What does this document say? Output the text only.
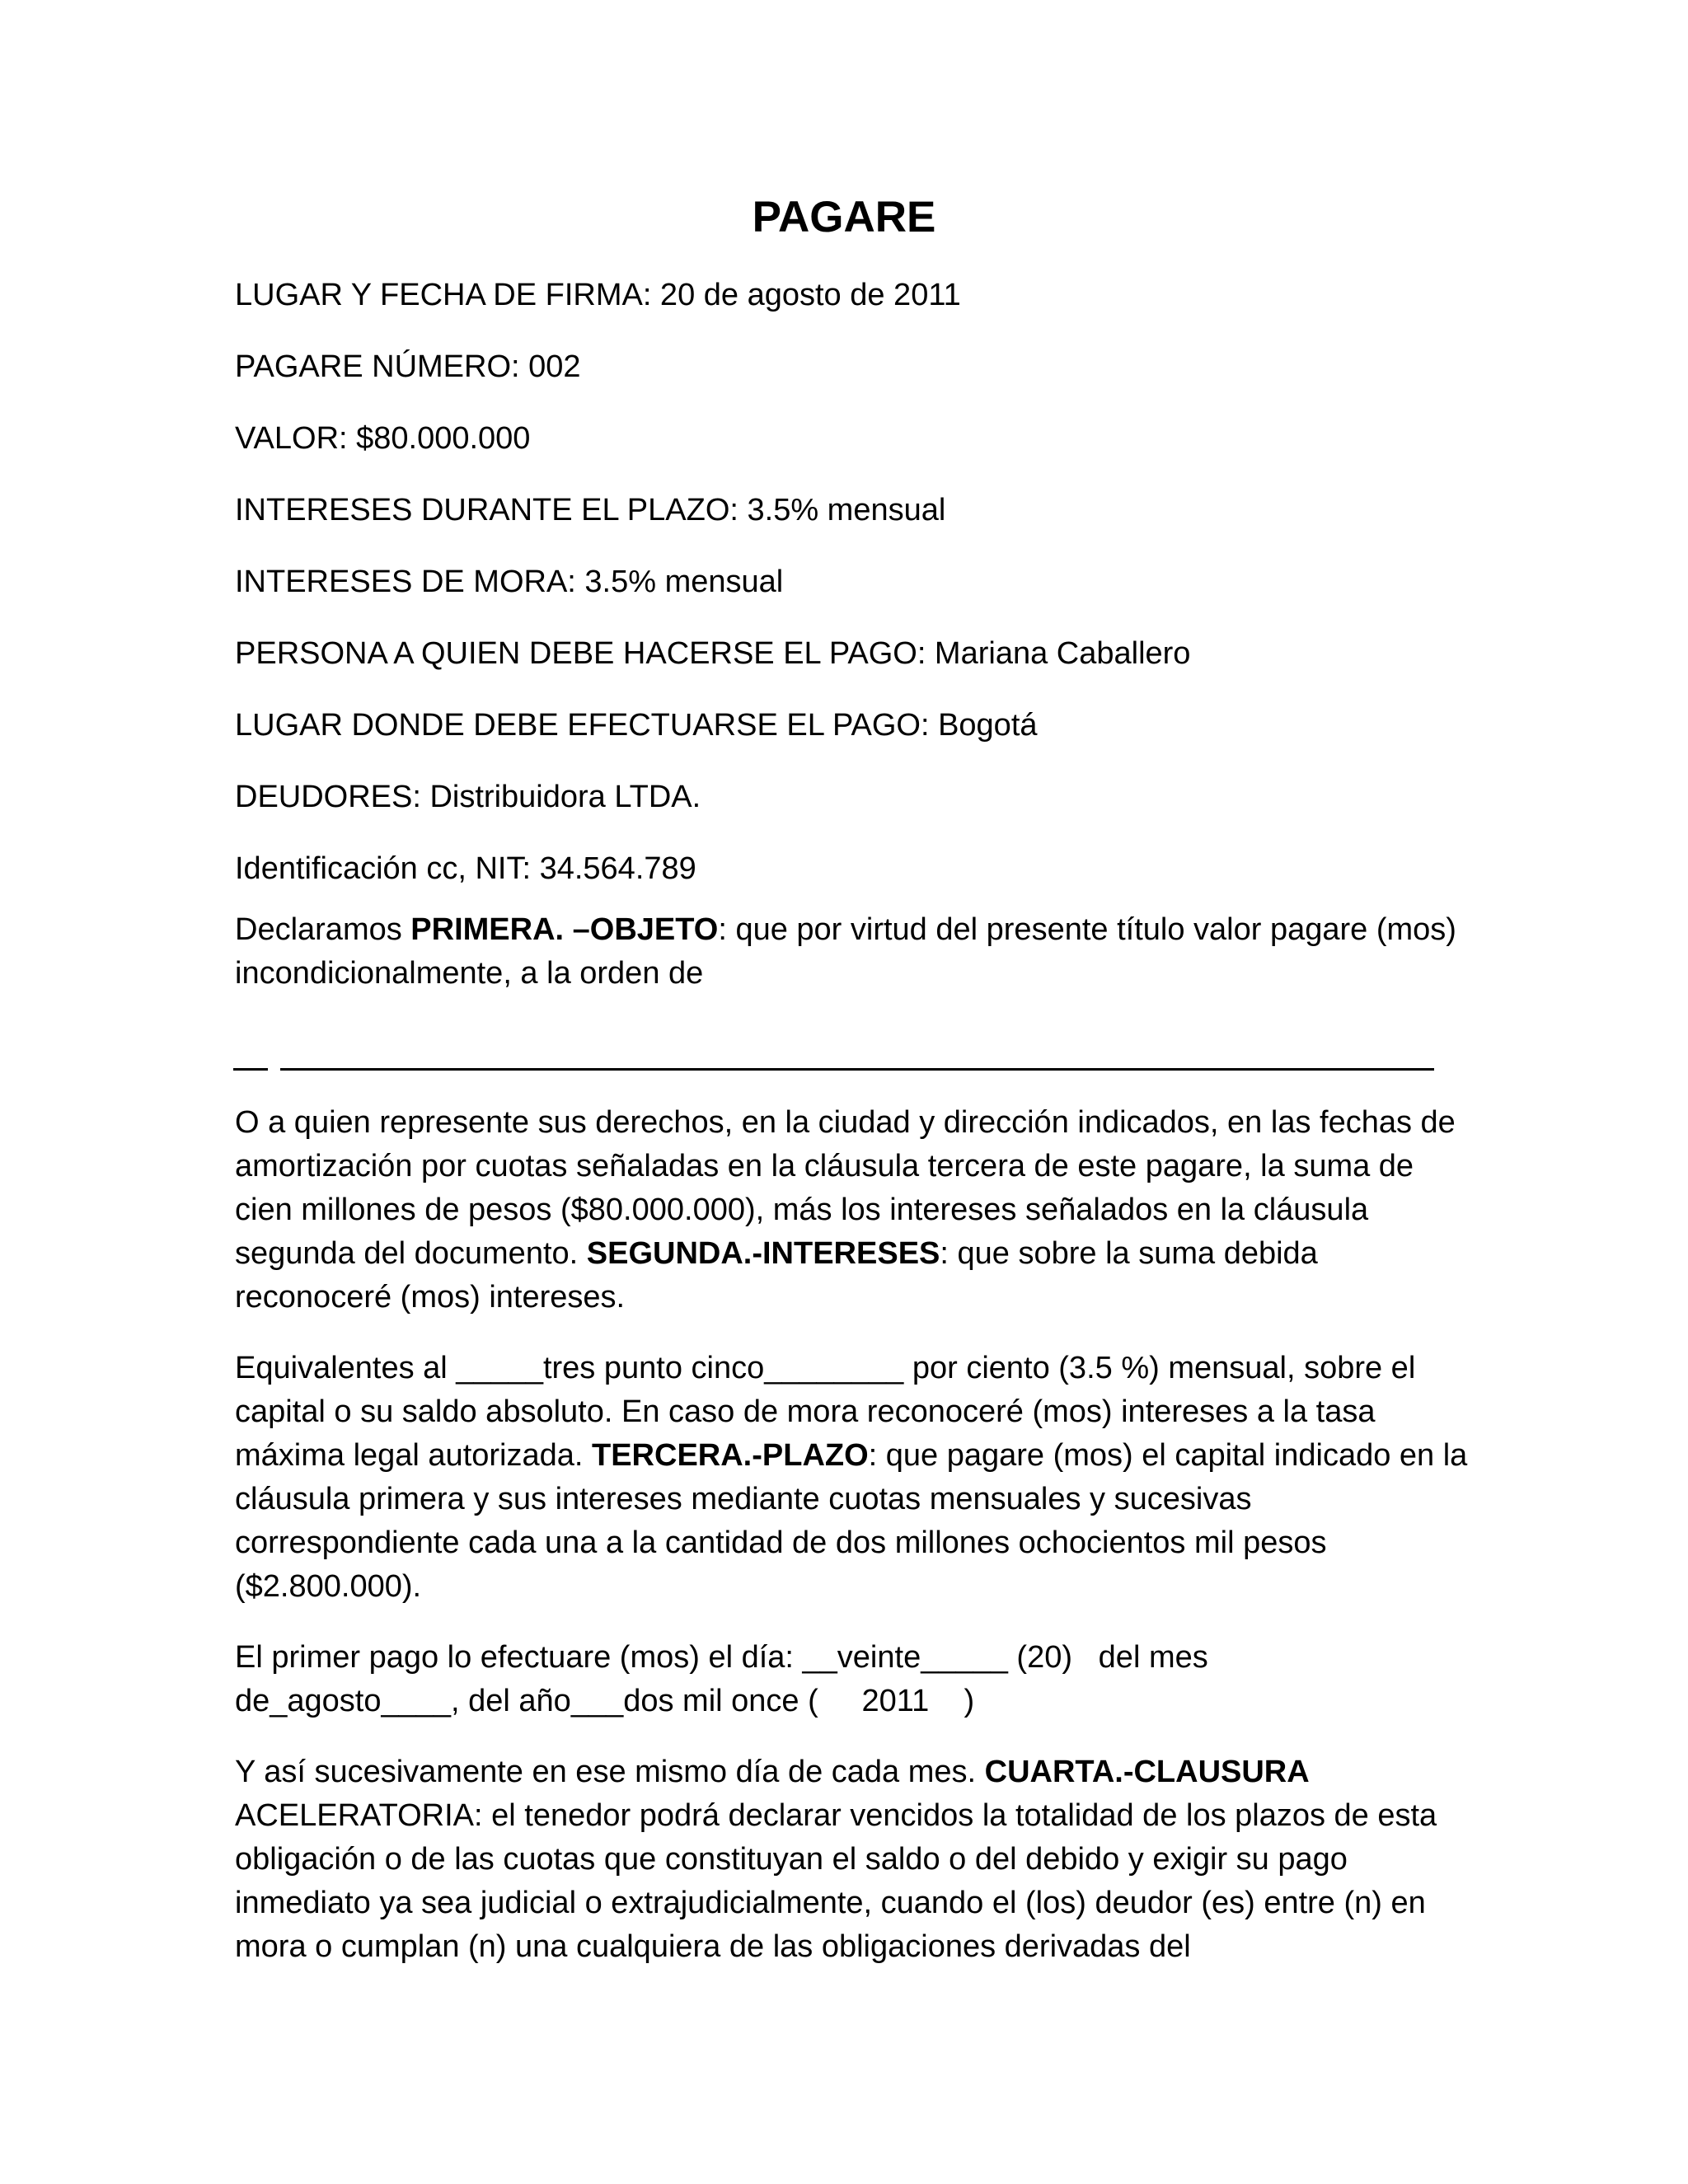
PAGARE
LUGAR Y FECHA DE FIRMA: 20 de agosto de 2011
PAGARE NÚMERO: 002
VALOR: $80.000.000
INTERESES DURANTE EL PLAZO: 3.5% mensual
INTERESES DE MORA: 3.5% mensual
PERSONA A QUIEN DEBE HACERSE EL PAGO: Mariana Caballero
LUGAR DONDE DEBE EFECTUARSE EL PAGO: Bogotá
DEUDORES: Distribuidora LTDA.
Identificación cc, NIT: 34.564.789

Declaramos PRIMERA. –OBJETO: que por virtud del presente título valor pagare (mos) incondicionalmente, a la orden de

O a quien represente sus derechos, en la ciudad y dirección indicados, en las fechas de amortización por cuotas señaladas en la cláusula tercera de este pagare, la suma de cien millones de pesos ($80.000.000), más los intereses señalados en la cláusula segunda del documento. SEGUNDA.-INTERESES: que sobre la suma debida reconoceré (mos) intereses.

Equivalentes al _____tres punto cinco________ por ciento (3.5 %) mensual, sobre el capital o su saldo absoluto. En caso de mora reconoceré (mos) intereses a la tasa máxima legal autorizada. TERCERA.-PLAZO: que pagare (mos) el capital indicado en la cláusula primera y sus intereses mediante cuotas mensuales y sucesivas correspondiente cada una a la cantidad de dos millones ochocientos mil pesos ($2.800.000).

El primer pago lo efectuare (mos) el día: __veinte_____ (20)   del mes
de_agosto____, del año___dos mil once (     2011    )

Y así sucesivamente en ese mismo día de cada mes. CUARTA.-CLAUSURA ACELERATORIA: el tenedor podrá declarar vencidos la totalidad de los plazos de esta obligación o de las cuotas que constituyan el saldo o del debido y exigir su pago inmediato ya sea judicial o extrajudicialmente, cuando el (los) deudor (es) entre (n) en mora o cumplan (n) una cualquiera de las obligaciones derivadas del
